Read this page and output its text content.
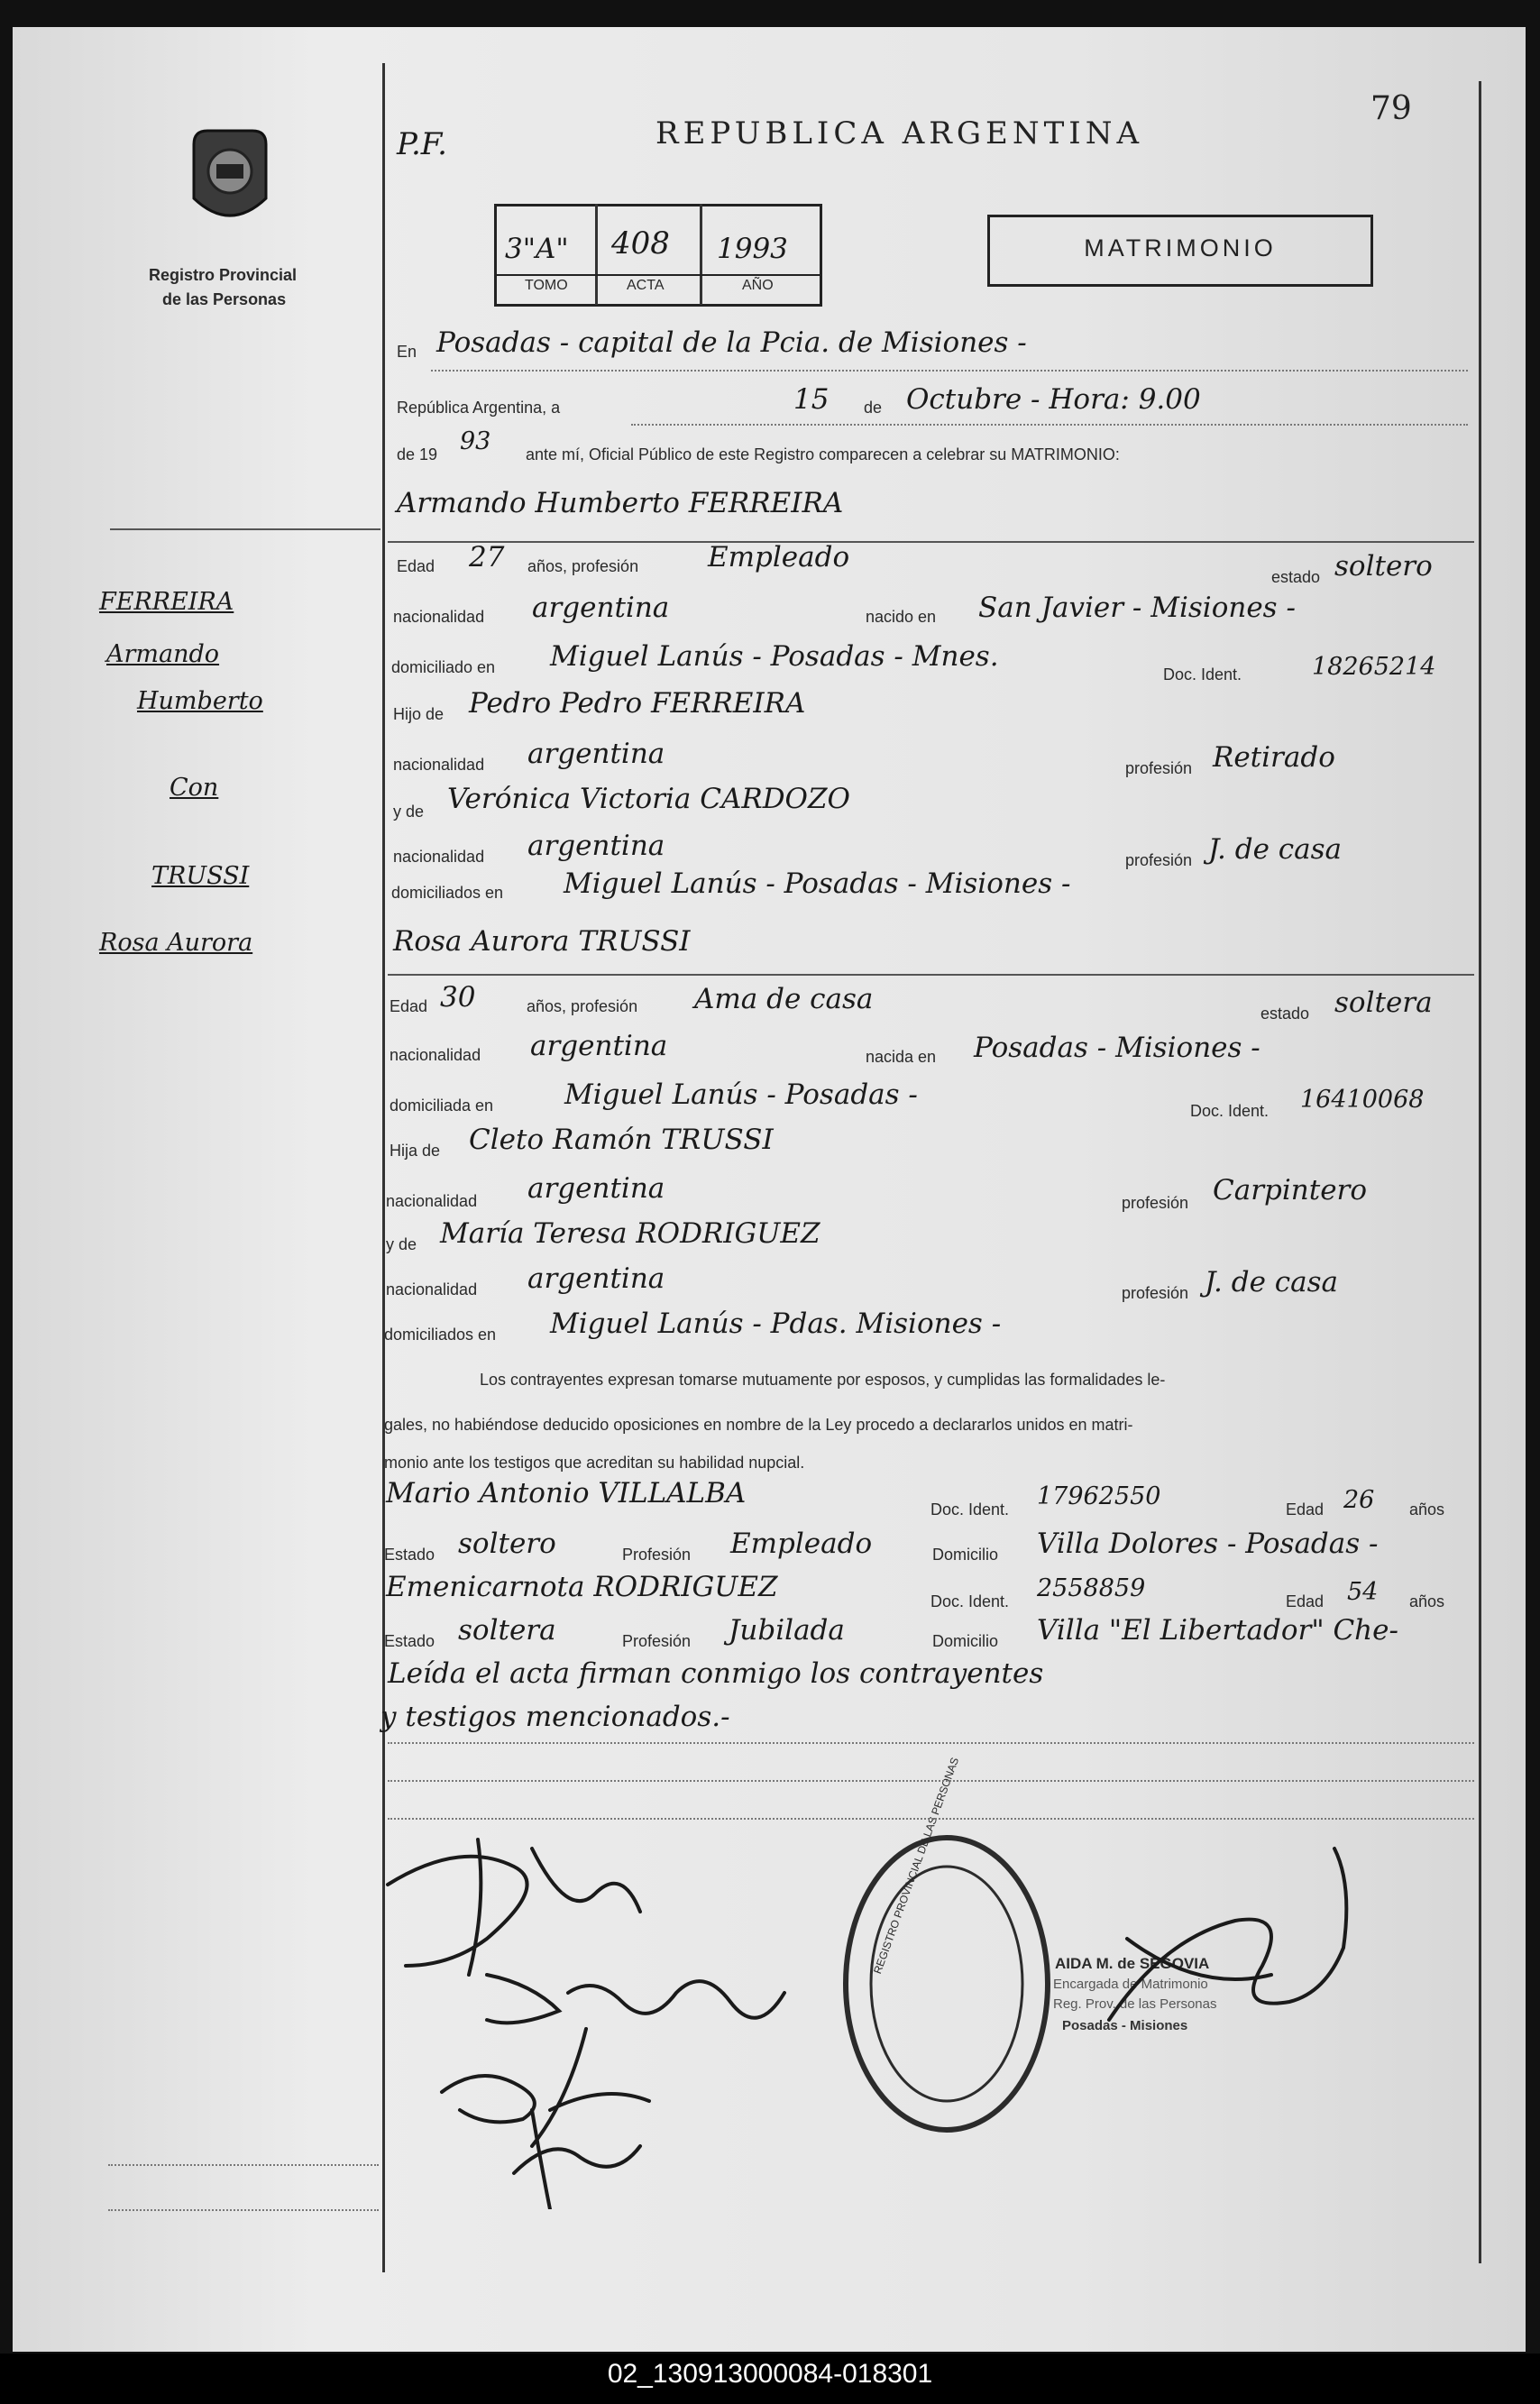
Registro Provincial
de las Personas
REPUBLICA ARGENTINA
79
P.F.
3"A" 408 1993
TOMO	ACTA	AÑO
MATRIMONIO
En Posadas - capital de la Pcia. de Misiones -
República Argentina, a	15 de Octubre - Hora: 9.00
de 19 93 ante mí, Oficial Público de este Registro comparecen a celebrar su MATRIMONIO:
Armando Humberto FERREIRA
Edad 27 años, profesión Empleado
estado soltero
nacionalidad argentina	nacido en San Javier - Misiones -
domiciliado en Miguel Lanús - Posadas - Mnes.
Doc. Ident.	18265214
Hijo de Pedro Pedro FERREIRA
nacionalidad argentina	profesión Retirado
y de Verónica Victoria CARDOZO
nacionalidad argentina	profesión J. de casa
domiciliados en Miguel Lanús - Posadas - Misiones -
Rosa Aurora TRUSSI
Edad 30	años, profesión Ama de casa	estado soltera
nacionalidad argentina	nacida en Posadas - Misiones -
domiciliada en	Miguel Lanús - Posadas -	Doc. Ident. 16410068
Hija de Cleto Ramón TRUSSI
nacionalidad argentina	profesión Carpintero
y de María Teresa RODRIGUEZ
nacionalidad argentina	profesión J. de casa
domiciliados en Miguel Lanús - Pdas. Misiones -
Los contrayentes expresan tomarse mutuamente por esposos, y cumplidas las formalidades le-
gales, no habiéndose deducido oposiciones en nombre de la Ley procedo a declararlos unidos en matri-
monio ante los testigos que acreditan su habilidad nupcial.
Mario Antonio VILLALBA	Doc. Ident. 17962550	Edad 26 años
Estado soltero	Profesión Empleado	Domicilio Villa Dolores - Posadas -
Emenicarnota RODRIGUEZ	Doc. Ident. 2558859	Edad 54 años
Estado soltera	Profesión Jubilada	Domicilio Villa "El Libertador" Che-
Leída el acta firman conmigo los contrayentes
y testigos mencionados.-
FERREIRA
Armando
Humberto
Con
TRUSSI
Rosa Aurora
REGISTRO PROVINCIAL DE LAS PERSONAS	AIDA M. de SEGOVIA
Encargada de Matrimonio
Reg. Prov. de las Personas
Posadas - Misiones
02_130913000084-018301
